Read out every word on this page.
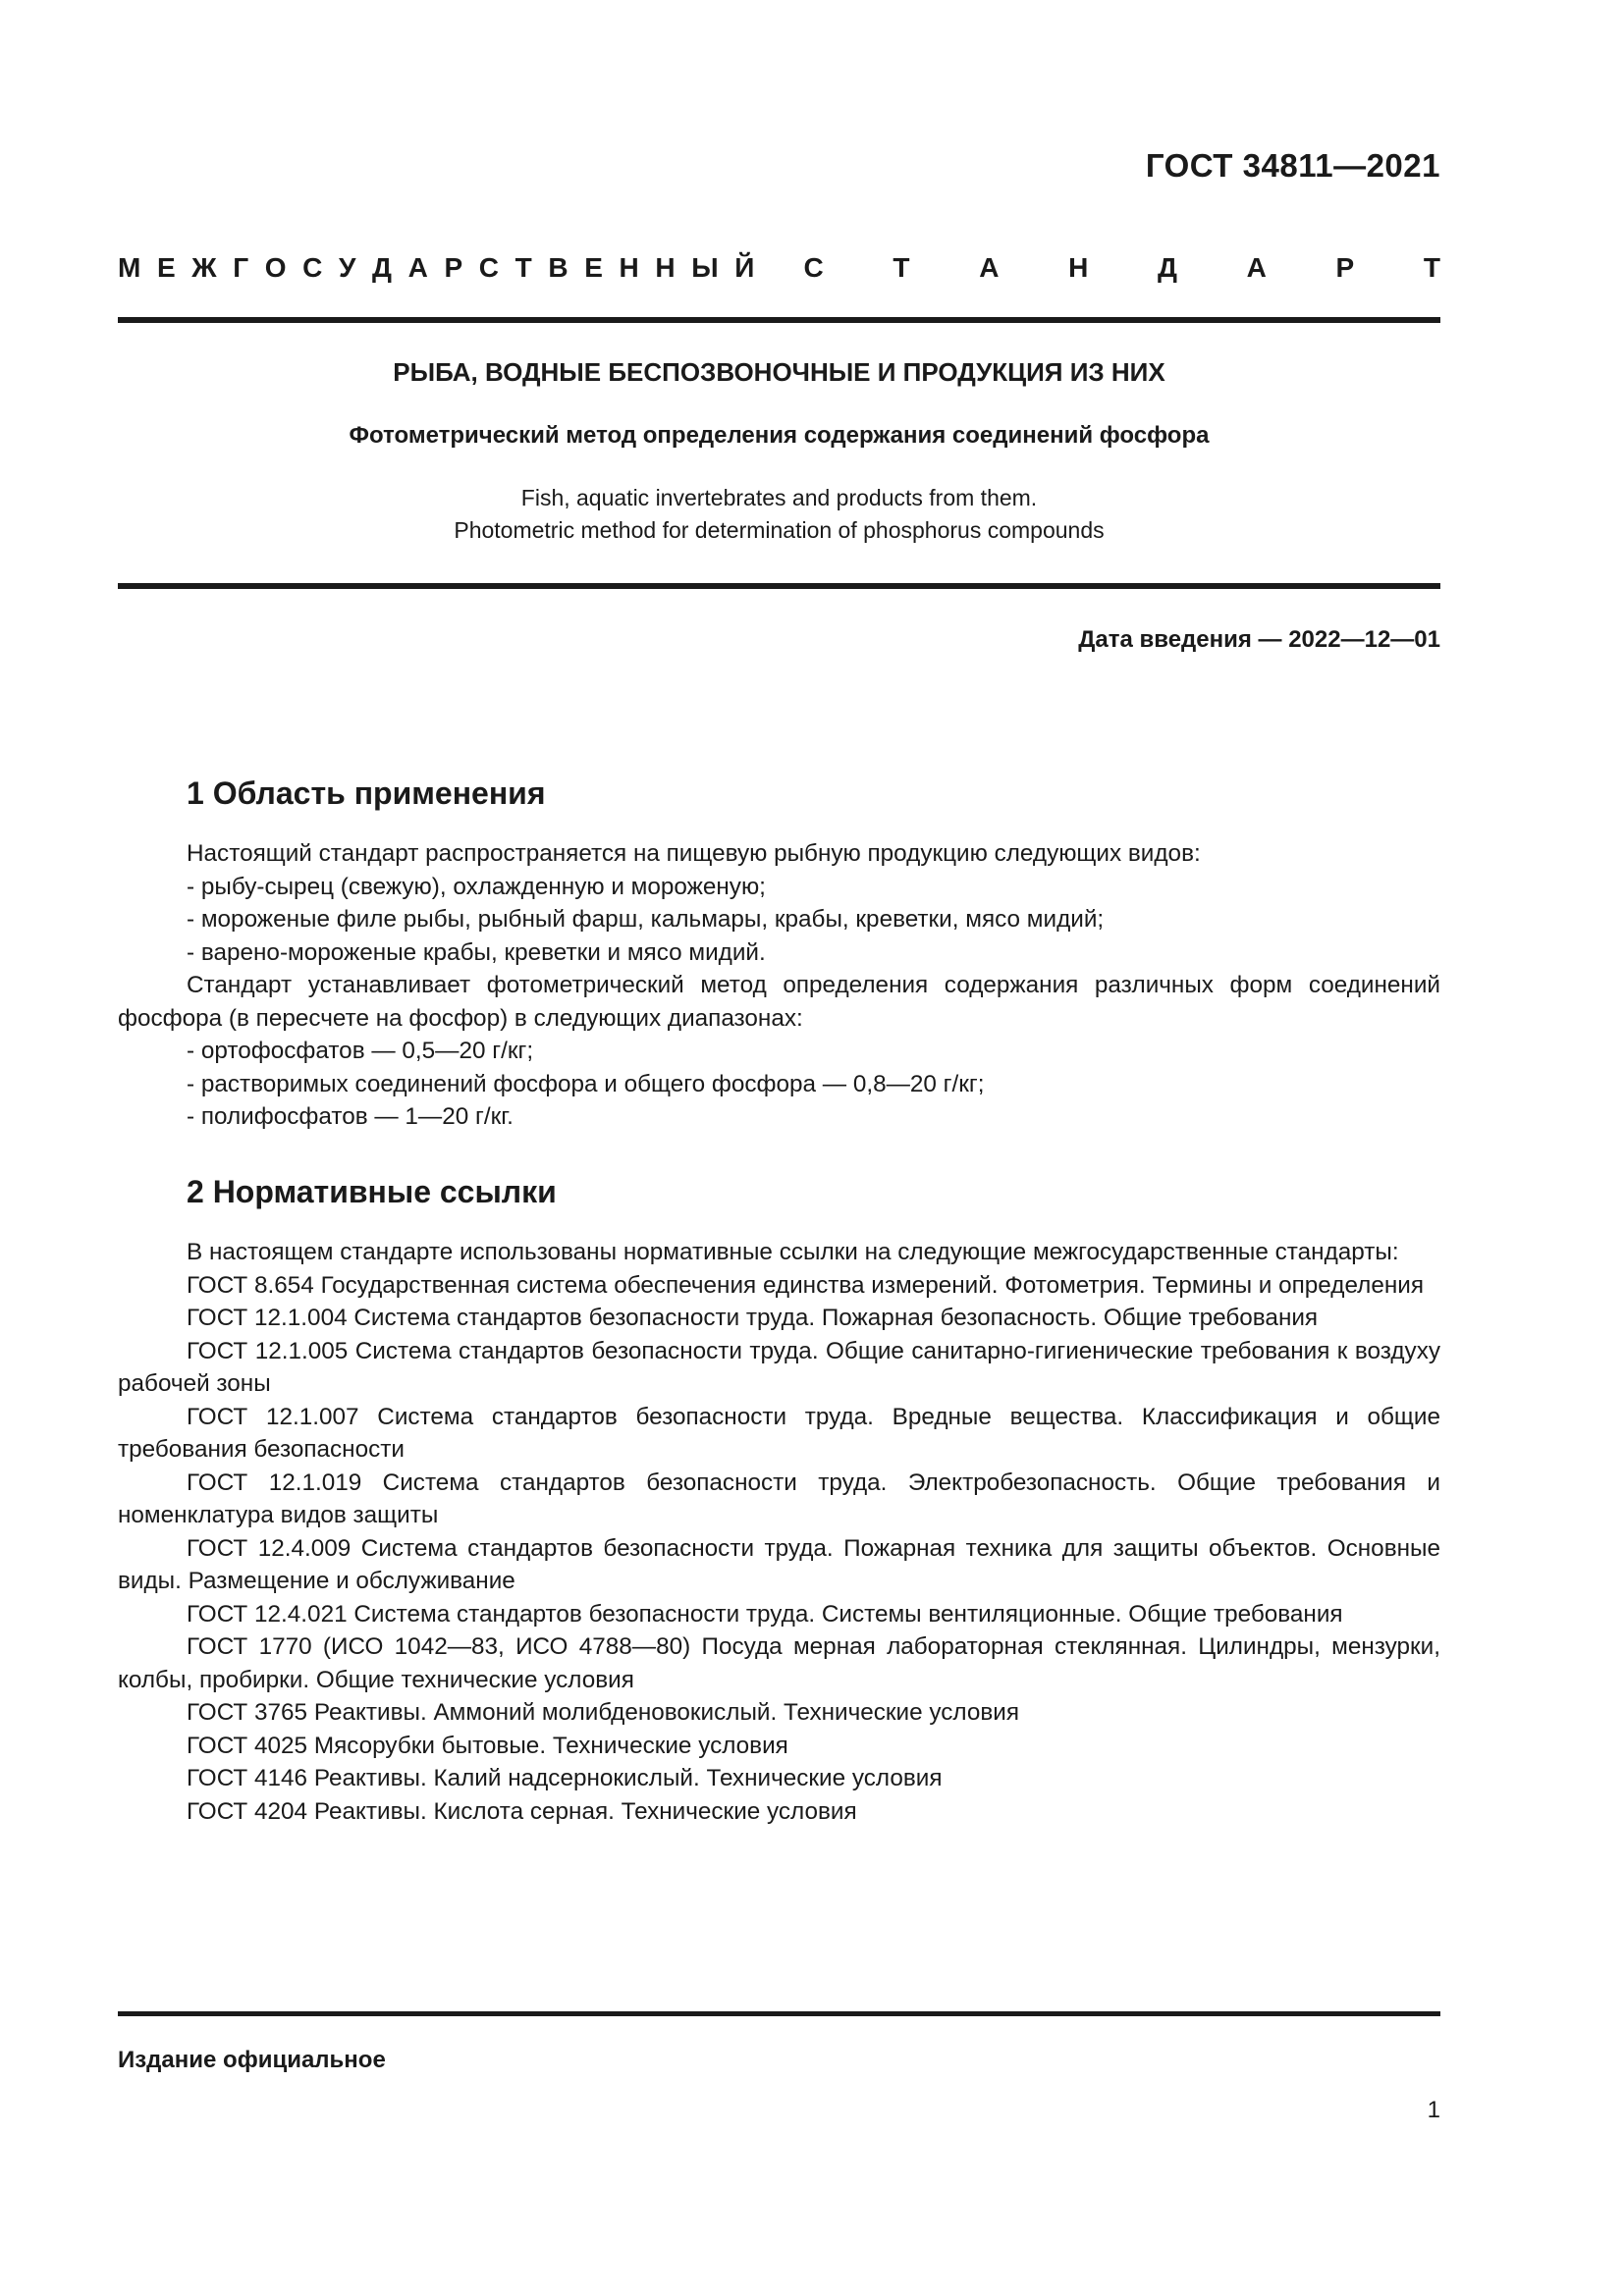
ГОСТ 34811—2021
М Е Ж Г О С У Д А Р С Т В Е Н Н Ы Й С	Т	А	Н	Д	А	Р	Т
РЫБА, ВОДНЫЕ БЕСПОЗВОНОЧНЫЕ И ПРОДУКЦИЯ ИЗ НИХ
Фотометрический метод определения содержания соединений фосфора
Fish, aquatic invertebrates and products from them.
Photometric method for determination of phosphorus compounds
Дата введения — 2022—12—01
1 Область применения

Настоящий стандарт распространяется на пищевую рыбную продукцию следующих видов:

- рыбу-сырец (свежую), охлажденную и мороженую;

- мороженые филе рыбы, рыбный фарш, кальмары, крабы, креветки, мясо мидий;

- варено-мороженые крабы, креветки и мясо мидий.

Стандарт устанавливает фотометрический метод определения содержания различных форм соединений фосфора (в пересчете на фосфор) в следующих диапазонах:

- ортофосфатов — 0,5—20 г/кг;

- растворимых соединений фосфора и общего фосфора — 0,8—20 г/кг;

- полифосфатов — 1—20 г/кг.

2 Нормативные ссылки

В настоящем стандарте использованы нормативные ссылки на следующие межгосударственные стандарты:

ГОСТ 8.654 Государственная система обеспечения единства измерений. Фотометрия. Термины и определения

ГОСТ 12.1.004 Система стандартов безопасности труда. Пожарная безопасность. Общие требования

ГОСТ 12.1.005 Система стандартов безопасности труда. Общие санитарно-гигиенические требования к воздуху рабочей зоны

ГОСТ 12.1.007 Система стандартов безопасности труда. Вредные вещества. Классификация и общие требования безопасности

ГОСТ 12.1.019 Система стандартов безопасности труда. Электробезопасность. Общие требования и номенклатура видов защиты

ГОСТ 12.4.009 Система стандартов безопасности труда. Пожарная техника для защиты объектов. Основные виды. Размещение и обслуживание

ГОСТ 12.4.021 Система стандартов безопасности труда. Системы вентиляционные. Общие требования

ГОСТ 1770 (ИСО 1042—83, ИСО 4788—80) Посуда мерная лабораторная стеклянная. Цилиндры, мензурки, колбы, пробирки. Общие технические условия

ГОСТ 3765 Реактивы. Аммоний молибденовокислый. Технические условия

ГОСТ 4025 Мясорубки бытовые. Технические условия

ГОСТ 4146 Реактивы. Калий надсернокислый. Технические условия

ГОСТ 4204 Реактивы. Кислота серная. Технические условия

Издание официальное
1
